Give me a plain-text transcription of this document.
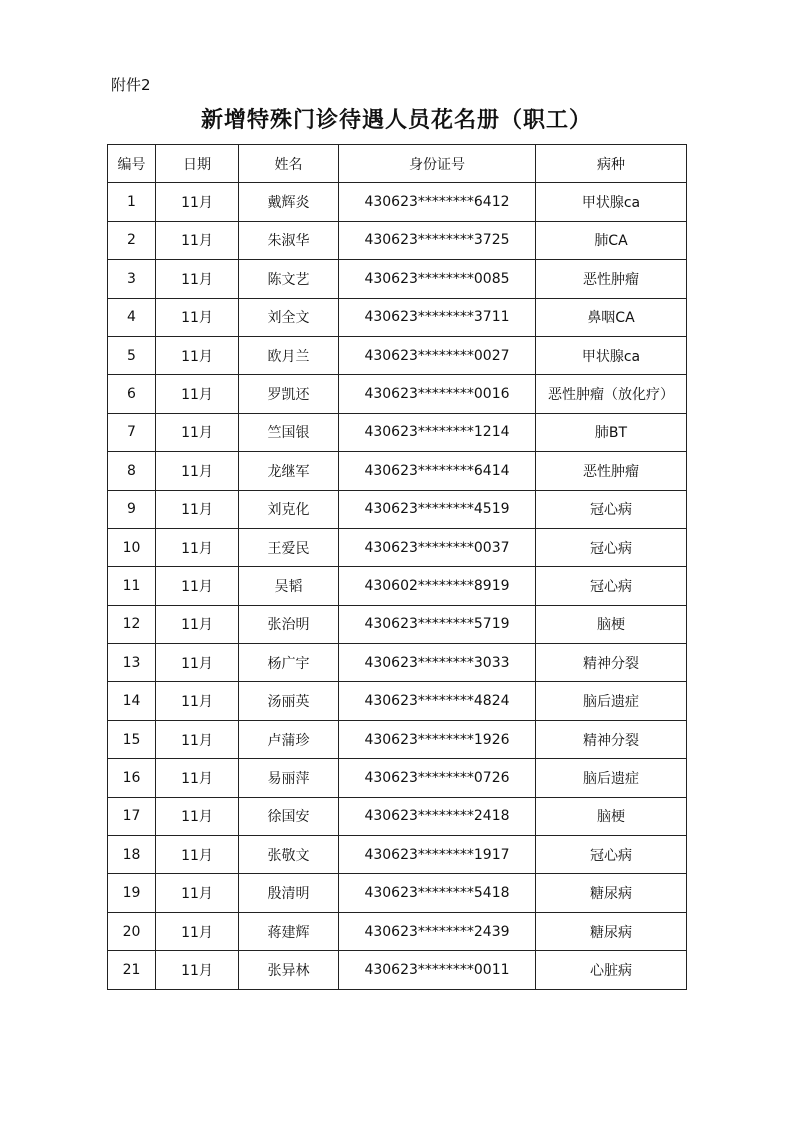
附件2
新增特殊门诊待遇人员花名册（职工）
编号	日期	姓名	身份证号	病种
1	11月	戴辉炎	430623********6412	甲状腺ca
2	11月	朱淑华	430623********3725	肺CA
3	11月	陈文艺	430623********0085	恶性肿瘤
4	11月	刘全文	430623********3711	鼻咽CA
5	11月	欧月兰	430623********0027	甲状腺ca
6	11月	罗凯还	430623********0016	恶性肿瘤（放化疗）
7	11月	竺国银	430623********1214	肺BT
8	11月	龙继军	430623********6414	恶性肿瘤
9	11月	刘克化	430623********4519	冠心病
10	11月	王爱民	430623********0037	冠心病
11	11月	吴韬	430602********8919	冠心病
12	11月	张治明	430623********5719	脑梗
13	11月	杨广宇	430623********3033	精神分裂
14	11月	汤丽英	430623********4824	脑后遗症
15	11月	卢蒲珍	430623********1926	精神分裂
16	11月	易丽萍	430623********0726	脑后遗症
17	11月	徐国安	430623********2418	脑梗
18	11月	张敬文	430623********1917	冠心病
19	11月	殷清明	430623********5418	糖尿病
20	11月	蒋建辉	430623********2439	糖尿病
21	11月	张异林	430623********0011	心脏病
